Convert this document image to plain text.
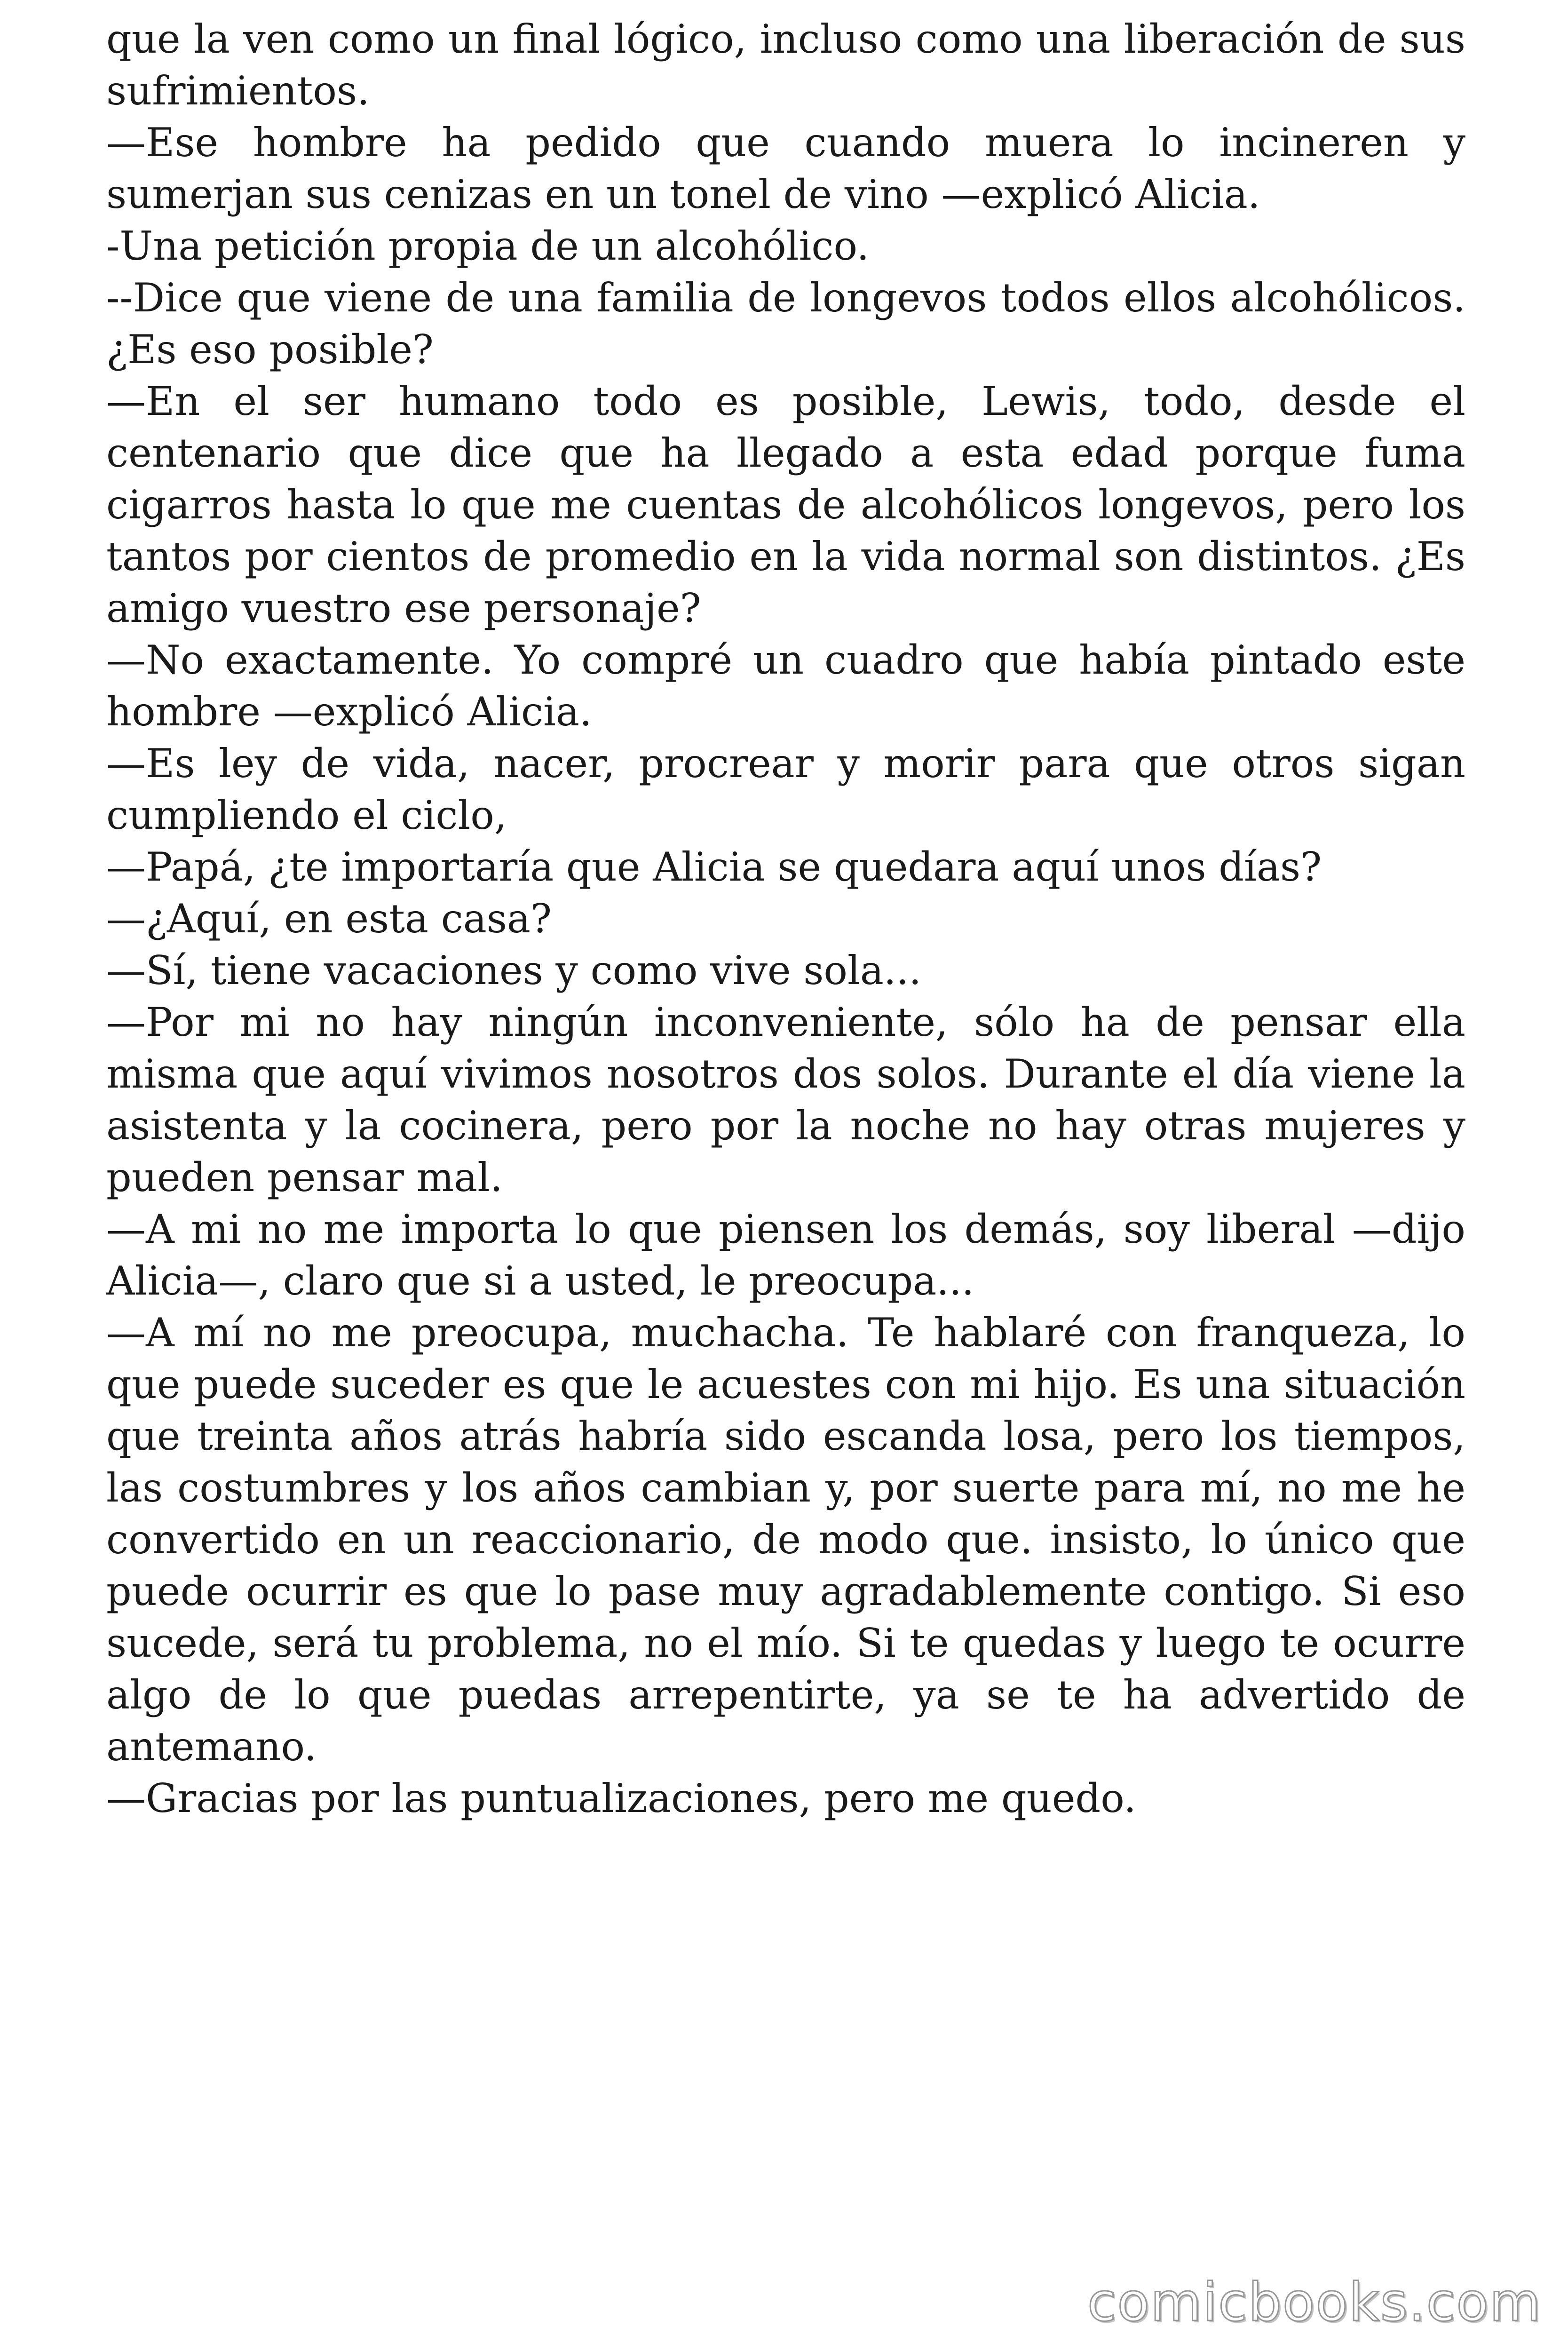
que la ven como un final lógico, incluso como una liberación de sus sufrimientos.

—Ese hombre ha pedido que cuando muera lo incineren y sumerjan sus cenizas en un tonel de vino —explicó Alicia.

-Una petición propia de un alcohólico.

--Dice que viene de una familia de longevos todos ellos alcohólicos. ¿Es eso posible?

—En el ser humano todo es posible, Lewis, todo, desde el centenario que dice que ha llegado a esta edad porque fuma cigarros hasta lo que me cuentas de alcohólicos longevos, pero los tantos por cientos de promedio en la vida normal son distintos. ¿Es amigo vuestro ese personaje?

—No exactamente. Yo compré un cuadro que había pintado este hombre —explicó Alicia.

—Es ley de vida, nacer, procrear y morir para que otros sigan cumpliendo el ciclo,

—Papá, ¿te importaría que Alicia se quedara aquí unos días?

—¿Aquí, en esta casa?

—Sí, tiene vacaciones y como vive sola...

—Por mi no hay ningún inconveniente, sólo ha de pensar ella misma que aquí vivimos nosotros dos solos. Durante el día viene la asistenta y la cocinera, pero por la noche no hay otras mujeres y pueden pensar mal.

—A mi no me importa lo que piensen los demás, soy liberal —dijo Alicia—, claro que si a usted, le preocupa...

—A mí no me preocupa, muchacha. Te hablaré con franqueza, lo que puede suceder es que le acuestes con mi hijo. Es una situación que treinta años atrás habría sido escanda losa, pero los tiempos, las costumbres y los años cambian y, por suerte para mí, no me he convertido en un reaccionario, de modo que. insisto, lo único que puede ocurrir es que lo pase muy agradablemente contigo. Si eso sucede, será tu problema, no el mío. Si te quedas y luego te ocurre algo de lo que puedas arrepentirte, ya se te ha advertido de antemano.

—Gracias por las puntualizaciones, pero me quedo.

comicbooks.com
